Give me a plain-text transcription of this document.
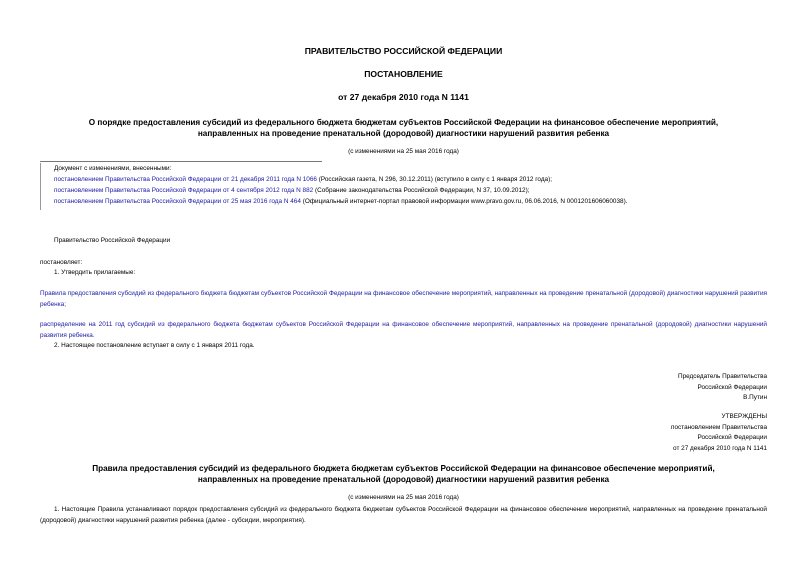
ПРАВИТЕЛЬСТВО РОССИЙСКОЙ ФЕДЕРАЦИИ
ПОСТАНОВЛЕНИЕ
от 27 декабря 2010 года N 1141
О порядке предоставления субсидий из федерального бюджета бюджетам субъектов Российской Федерации на финансовое обеспечение мероприятий,
направленных на проведение пренатальной (дородовой) диагностики нарушений развития ребенка
(с изменениями на 25 мая 2016 года)
Документ с изменениями, внесенными:
постановлением Правительства Российской Федерации от 21 декабря 2011 года N 1066 (Российская газета, N 296, 30.12.2011) (вступило в силу с 1 января 2012 года);
постановлением Правительства Российской Федерации от 4 сентября 2012 года N 882 (Собрание законодательства Российской Федерации, N 37, 10.09.2012);
постановлением Правительства Российской Федерации от 25 мая 2016 года N 464 (Официальный интернет-портал правовой информации www.pravo.gov.ru, 06.06.2016, N 0001201606060038).
Правительство Российской Федерации
постановляет:
1. Утвердить прилагаемые:
Правила предоставления субсидий из федерального бюджета бюджетам субъектов Российской Федерации на финансовое обеспечение мероприятий, направленных на проведение пренатальной (дородовой) диагностики нарушений развития ребенка;
распределение на 2011 год субсидий из федерального бюджета бюджетам субъектов Российской Федерации на финансовое обеспечение мероприятий, направленных на проведение пренатальной (дородовой) диагностики нарушений развития ребенка.
2. Настоящее постановление вступает в силу с 1 января 2011 года.
Председатель Правительства
Российской Федерации
В.Путин
УТВЕРЖДЕНЫ
постановлением Правительства
Российской Федерации
от 27 декабря 2010 года N 1141
Правила предоставления субсидий из федерального бюджета бюджетам субъектов Российской Федерации на финансовое обеспечение мероприятий,
направленных на проведение пренатальной (дородовой) диагностики нарушений развития ребенка
(с изменениями на 25 мая 2016 года)
1. Настоящие Правила устанавливают порядок предоставления субсидий из федерального бюджета бюджетам субъектов Российской Федерации на финансовое обеспечение мероприятий, направленных на проведение пренатальной (дородовой) диагностики нарушений развития ребенка (далее - субсидии, мероприятия).
